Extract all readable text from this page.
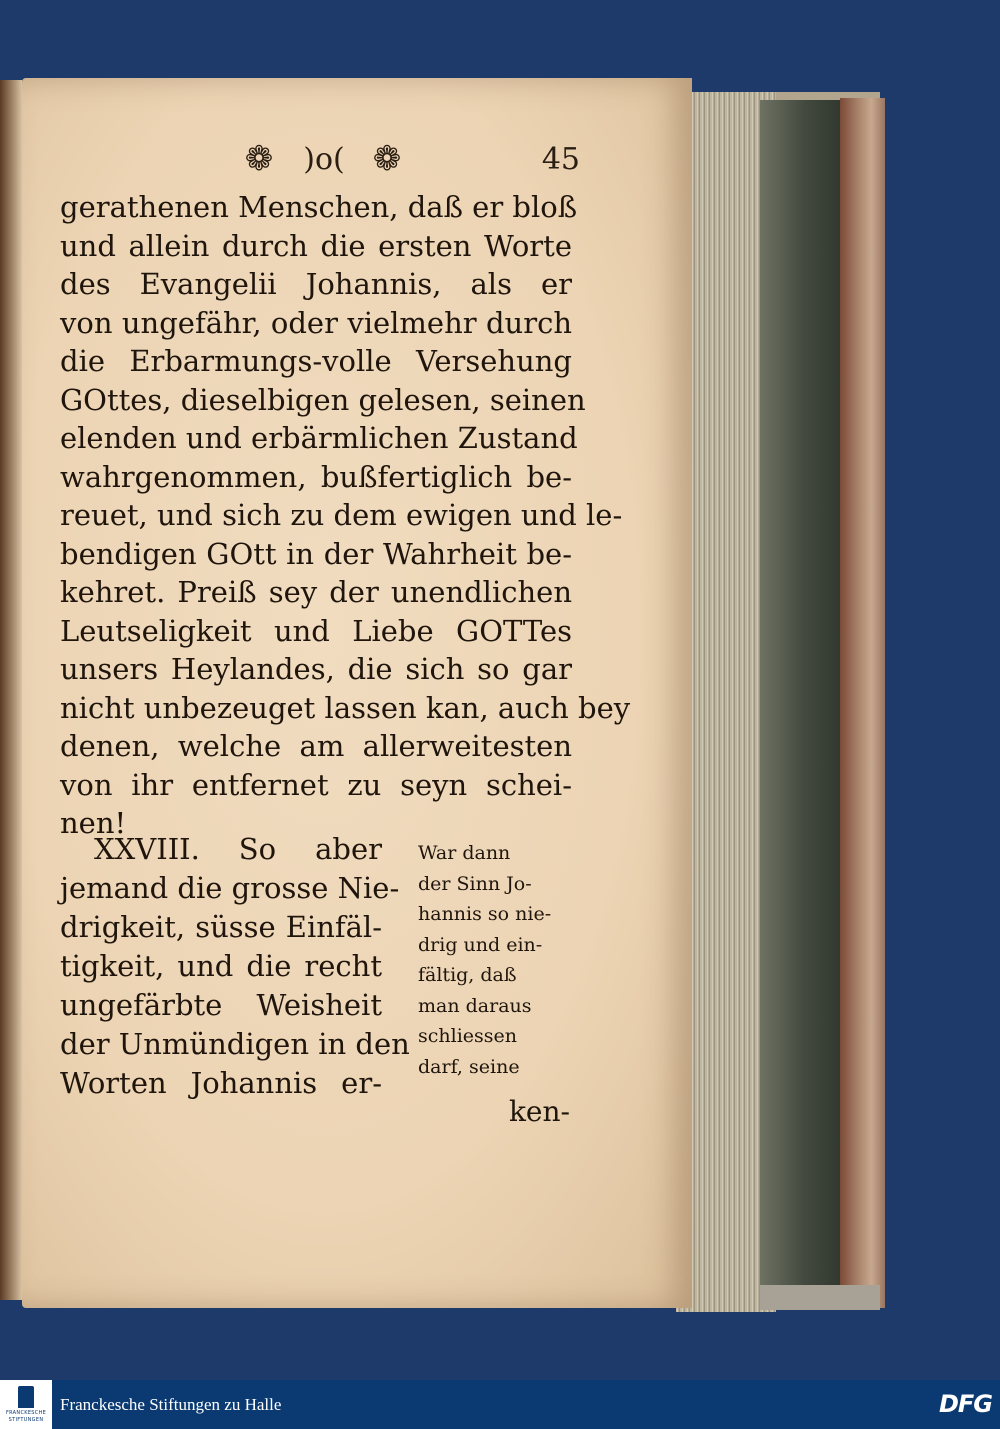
❁	)o( ❁	45
gerathenen Menschen, daß er bloß
und allein durch die ersten Worte
des Evangelii Johannis, als er
von ungefähr, oder vielmehr durch
die Erbarmungs-volle Versehung
GOttes, dieselbigen gelesen, seinen
elenden und erbärmlichen Zustand
wahrgenommen, bußfertiglich be-
reuet, und sich zu dem ewigen und le-
bendigen GOtt in der Wahrheit be-
kehret. Preiß sey der unendlichen
Leutseligkeit und Liebe GOTTes
unsers Heylandes, die sich so gar
nicht unbezeuget lassen kan, auch bey
denen, welche am allerweitesten
von ihr entfernet zu seyn schei-
nen!
XXVIII. So aber
jemand die grosse Nie-
drigkeit, süsse Einfäl-
tigkeit, und die recht
ungefärbte Weisheit
der Unmündigen in den
Worten Johannis er-
War dann
der Sinn Jo-
hannis so nie-
drig und ein-
fältig, daß
man daraus
schliessen
darf, seine
ken-
FRANCKESCHE STIFTUNGEN
Franckesche Stiftungen zu Halle	DFG
